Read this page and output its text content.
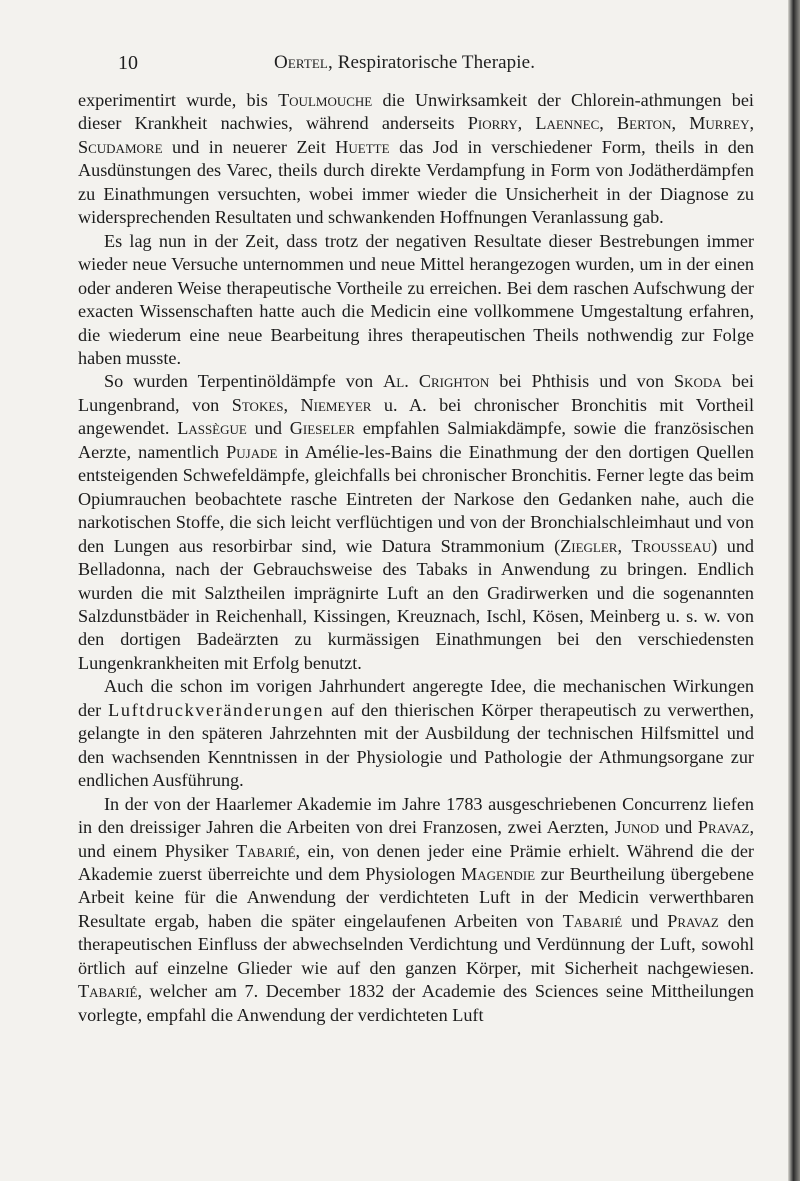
10	Oertel, Respiratorische Therapie.

experimentirt wurde, bis Toulmouche die Unwirksamkeit der Chlorein-athmungen bei dieser Krankheit nachwies, während anderseits Piorry, Laennec, Berton, Murrey, Scudamore und in neuerer Zeit Huette das Jod in verschiedener Form, theils in den Ausdünstungen des Varec, theils durch direkte Verdampfung in Form von Jodätherdämpfen zu Einathmungen versuchten, wobei immer wieder die Unsicherheit in der Diagnose zu widersprechenden Resultaten und schwankenden Hoffnungen Veranlassung gab.

Es lag nun in der Zeit, dass trotz der negativen Resultate dieser Bestrebungen immer wieder neue Versuche unternommen und neue Mittel herangezogen wurden, um in der einen oder anderen Weise therapeutische Vortheile zu erreichen. Bei dem raschen Aufschwung der exacten Wissenschaften hatte auch die Medicin eine vollkommene Umgestaltung erfahren, die wiederum eine neue Bearbeitung ihres therapeutischen Theils nothwendig zur Folge haben musste.

So wurden Terpentinöldämpfe von Al. Crighton bei Phthisis und von Skoda bei Lungenbrand, von Stokes, Niemeyer u. A. bei chronischer Bronchitis mit Vortheil angewendet. Lassègue und Gieseler empfahlen Salmiakdämpfe, sowie die französischen Aerzte, namentlich Pujade in Amélie-les-Bains die Einathmung der den dortigen Quellen entsteigenden Schwefeldämpfe, gleichfalls bei chronischer Bronchitis. Ferner legte das beim Opiumrauchen beobachtete rasche Eintreten der Narkose den Gedanken nahe, auch die narkotischen Stoffe, die sich leicht verflüchtigen und von der Bronchialschleimhaut und von den Lungen aus resorbirbar sind, wie Datura Strammonium (Ziegler, Trousseau) und Belladonna, nach der Gebrauchsweise des Tabaks in Anwendung zu bringen. Endlich wurden die mit Salztheilen imprägnirte Luft an den Gradirwerken und die sogenannten Salzdunstbäder in Reichenhall, Kissingen, Kreuznach, Ischl, Kösen, Meinberg u. s. w. von den dortigen Badeärzten zu kurmässigen Einathmungen bei den verschiedensten Lungenkrankheiten mit Erfolg benutzt.

Auch die schon im vorigen Jahrhundert angeregte Idee, die mechanischen Wirkungen der Luftdruckveränderungen auf den thierischen Körper therapeutisch zu verwerthen, gelangte in den späteren Jahrzehnten mit der Ausbildung der technischen Hilfsmittel und den wachsenden Kenntnissen in der Physiologie und Pathologie der Athmungsorgane zur endlichen Ausführung.

In der von der Haarlemer Akademie im Jahre 1783 ausgeschriebenen Concurrenz liefen in den dreissiger Jahren die Arbeiten von drei Franzosen, zwei Aerzten, Junod und Pravaz, und einem Physiker Tabarié, ein, von denen jeder eine Prämie erhielt. Während die der Akademie zuerst überreichte und dem Physiologen Magendie zur Beurtheilung übergebene Arbeit keine für die Anwendung der verdichteten Luft in der Medicin verwerthbaren Resultate ergab, haben die später eingelaufenen Arbeiten von Tabarié und Pravaz den therapeutischen Einfluss der abwechselnden Verdichtung und Verdünnung der Luft, sowohl örtlich auf einzelne Glieder wie auf den ganzen Körper, mit Sicherheit nachgewiesen. Tabarié, welcher am 7. December 1832 der Academie des Sciences seine Mittheilungen vorlegte, empfahl die Anwendung der verdichteten Luft
